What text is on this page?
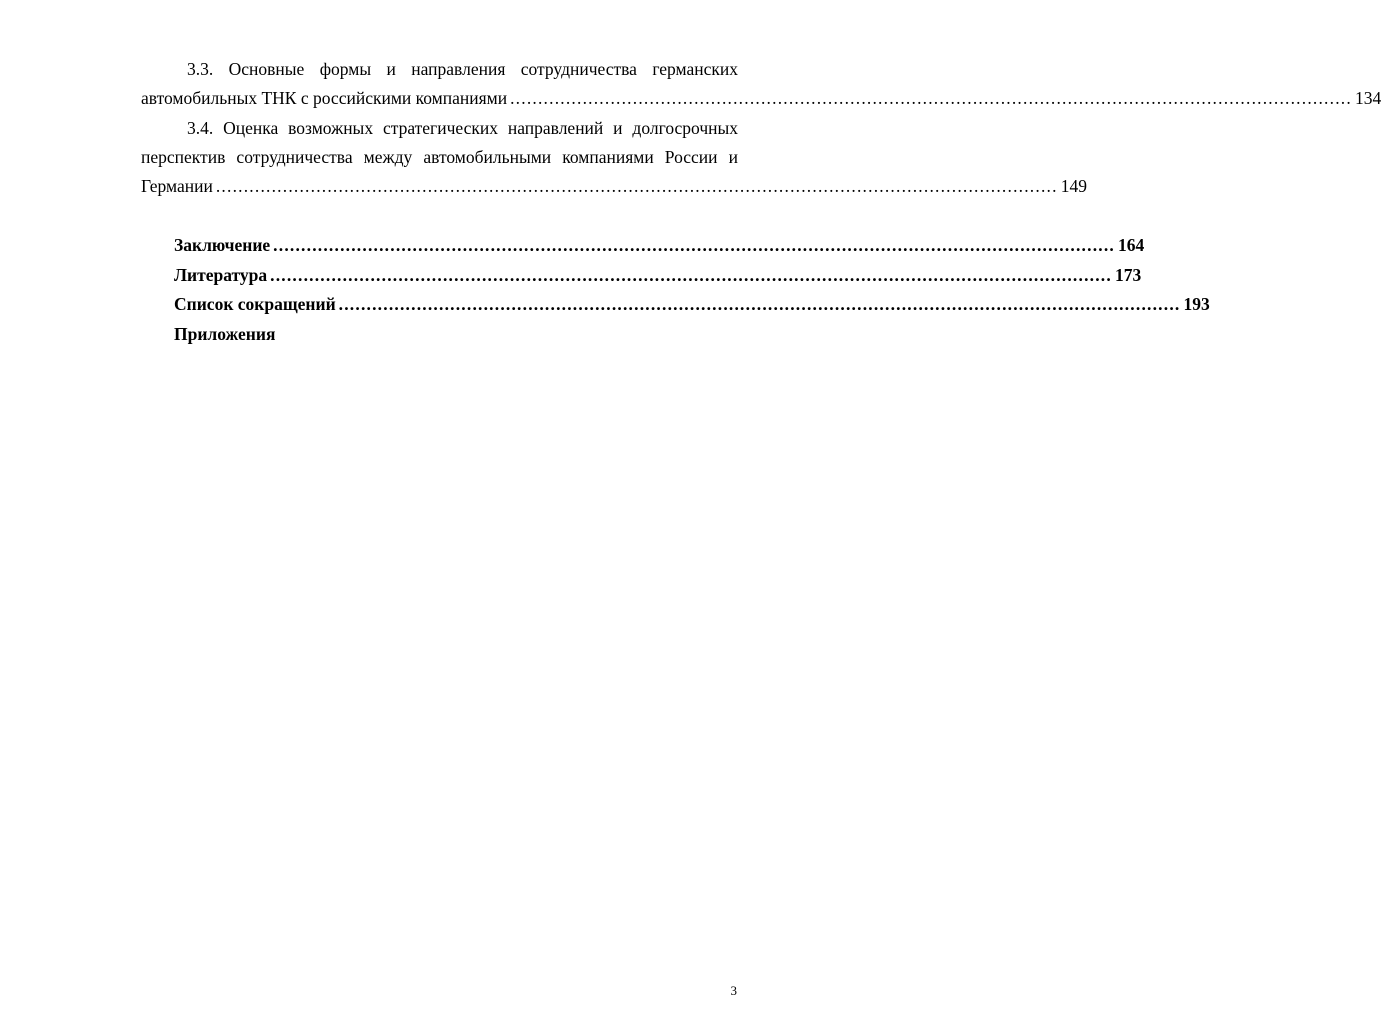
3.3. Основные формы и направления сотрудничества германских
автомобильных ТНК с российскими компаниями ....................................................................................................................................................... 134
3.4. Оценка возможных стратегических направлений и долгосрочных
перспектив сотрудничества между автомобильными компаниями России и
Германии ....................................................................................................................................................... 149
Заключение ....................................................................................................................................................... 164
Литература ....................................................................................................................................................... 173
Список сокращений ....................................................................................................................................................... 193
Приложения
3
